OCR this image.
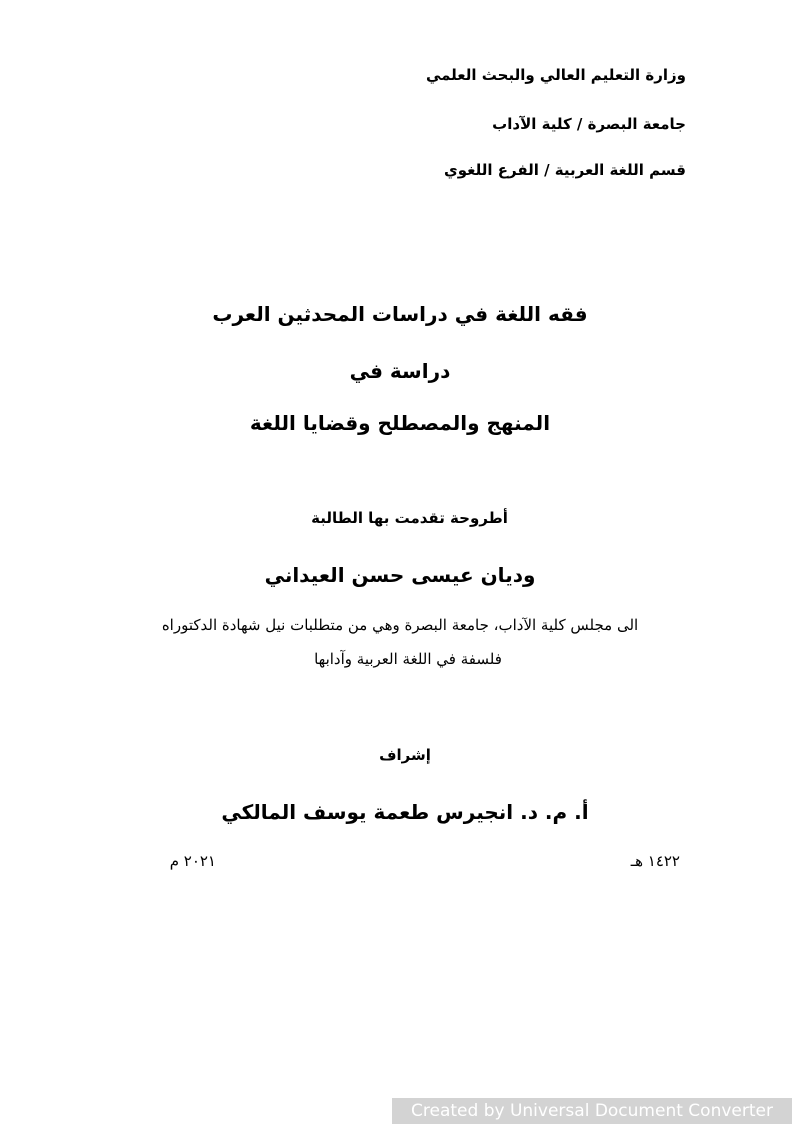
وزارة التعليم العالي والبحث العلمي
جامعة البصرة / كلية الآداب
قسم اللغة العربية / الفرع اللغوي
فقه اللغة في دراسات المحدثين العرب
دراسة في
المنهج والمصطلح وقضايا اللغة
أطروحة تقدمت بها الطالبة
وديان عيسى حسن العيداني
الى مجلس كلية الآداب، جامعة البصرة وهي من متطلبات نيل شهادة الدكتوراه
فلسفة في اللغة العربية وآدابها
إشراف
أ. م. د. انجيرس طعمة يوسف المالكي
١٤٢٢ هـ
٢٠٢١ م
Created by Universal Document Converter
